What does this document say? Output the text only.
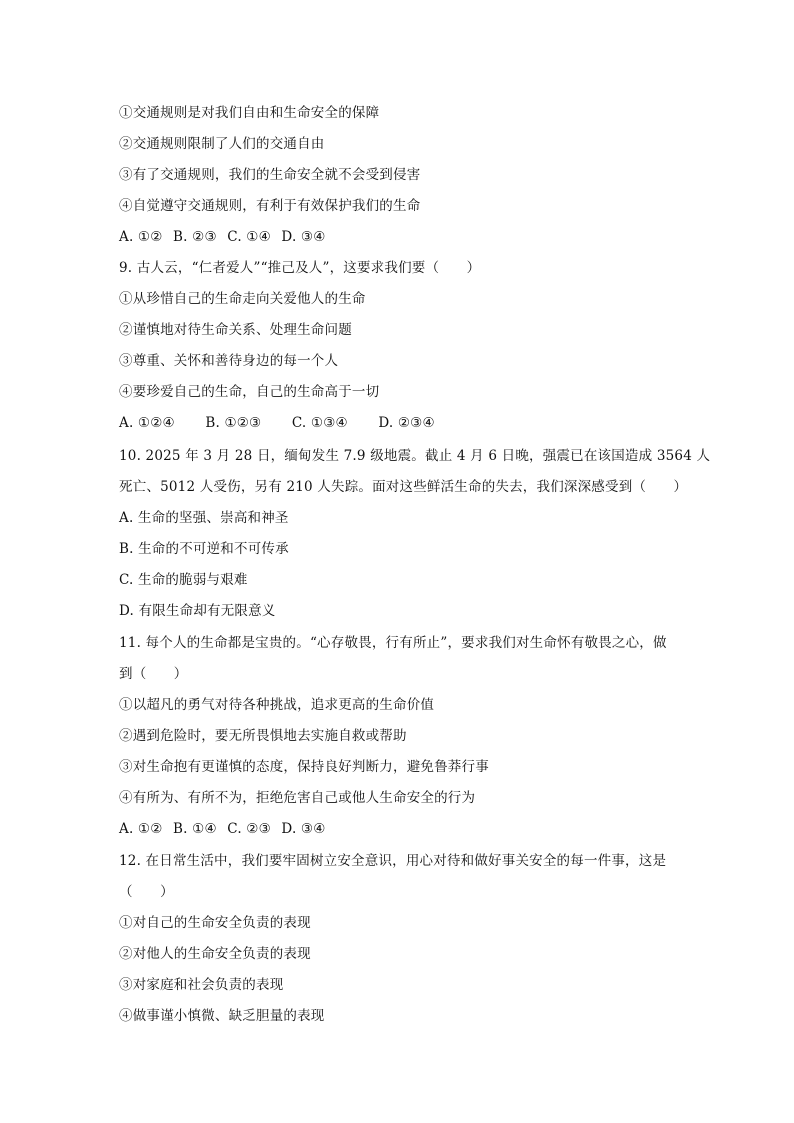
①交通规则是对我们自由和生命安全的保障
②交通规则限制了人们的交通自由
③有了交通规则，我们的生命安全就不会受到侵害
④自觉遵守交通规则，有利于有效保护我们的生命
A. ①② B. ②③ C. ①④ D. ③④
9. 古人云，“仁者爱人”“推己及人”，这要求我们要（　　）
①从珍惜自己的生命走向关爱他人的生命
②谨慎地对待生命关系、处理生命问题
③尊重、关怀和善待身边的每一个人
④要珍爱自己的生命，自己的生命高于一切
A. ①②④ B. ①②③ C. ①③④ D. ②③④
10. 2025 年 3 月 28 日，缅甸发生 7.9 级地震。截止 4 月 6 日晚，强震已在该国造成 3564 人
死亡、5012 人受伤，另有 210 人失踪。面对这些鲜活生命的失去，我们深深感受到（　　）
A. 生命的坚强、崇高和神圣
B. 生命的不可逆和不可传承
C. 生命的脆弱与艰难
D. 有限生命却有无限意义
11. 每个人的生命都是宝贵的。“心存敬畏，行有所止”，要求我们对生命怀有敬畏之心，做
到（　　）
①以超凡的勇气对待各种挑战，追求更高的生命价值
②遇到危险时，要无所畏惧地去实施自救或帮助
③对生命抱有更谨慎的态度，保持良好判断力，避免鲁莽行事
④有所为、有所不为，拒绝危害自己或他人生命安全的行为
A. ①② B. ①④ C. ②③ D. ③④
12. 在日常生活中，我们要牢固树立安全意识，用心对待和做好事关安全的每一件事，这是
（　　）
①对自己的生命安全负责的表现
②对他人的生命安全负责的表现
③对家庭和社会负责的表现
④做事谨小慎微、缺乏胆量的表现
